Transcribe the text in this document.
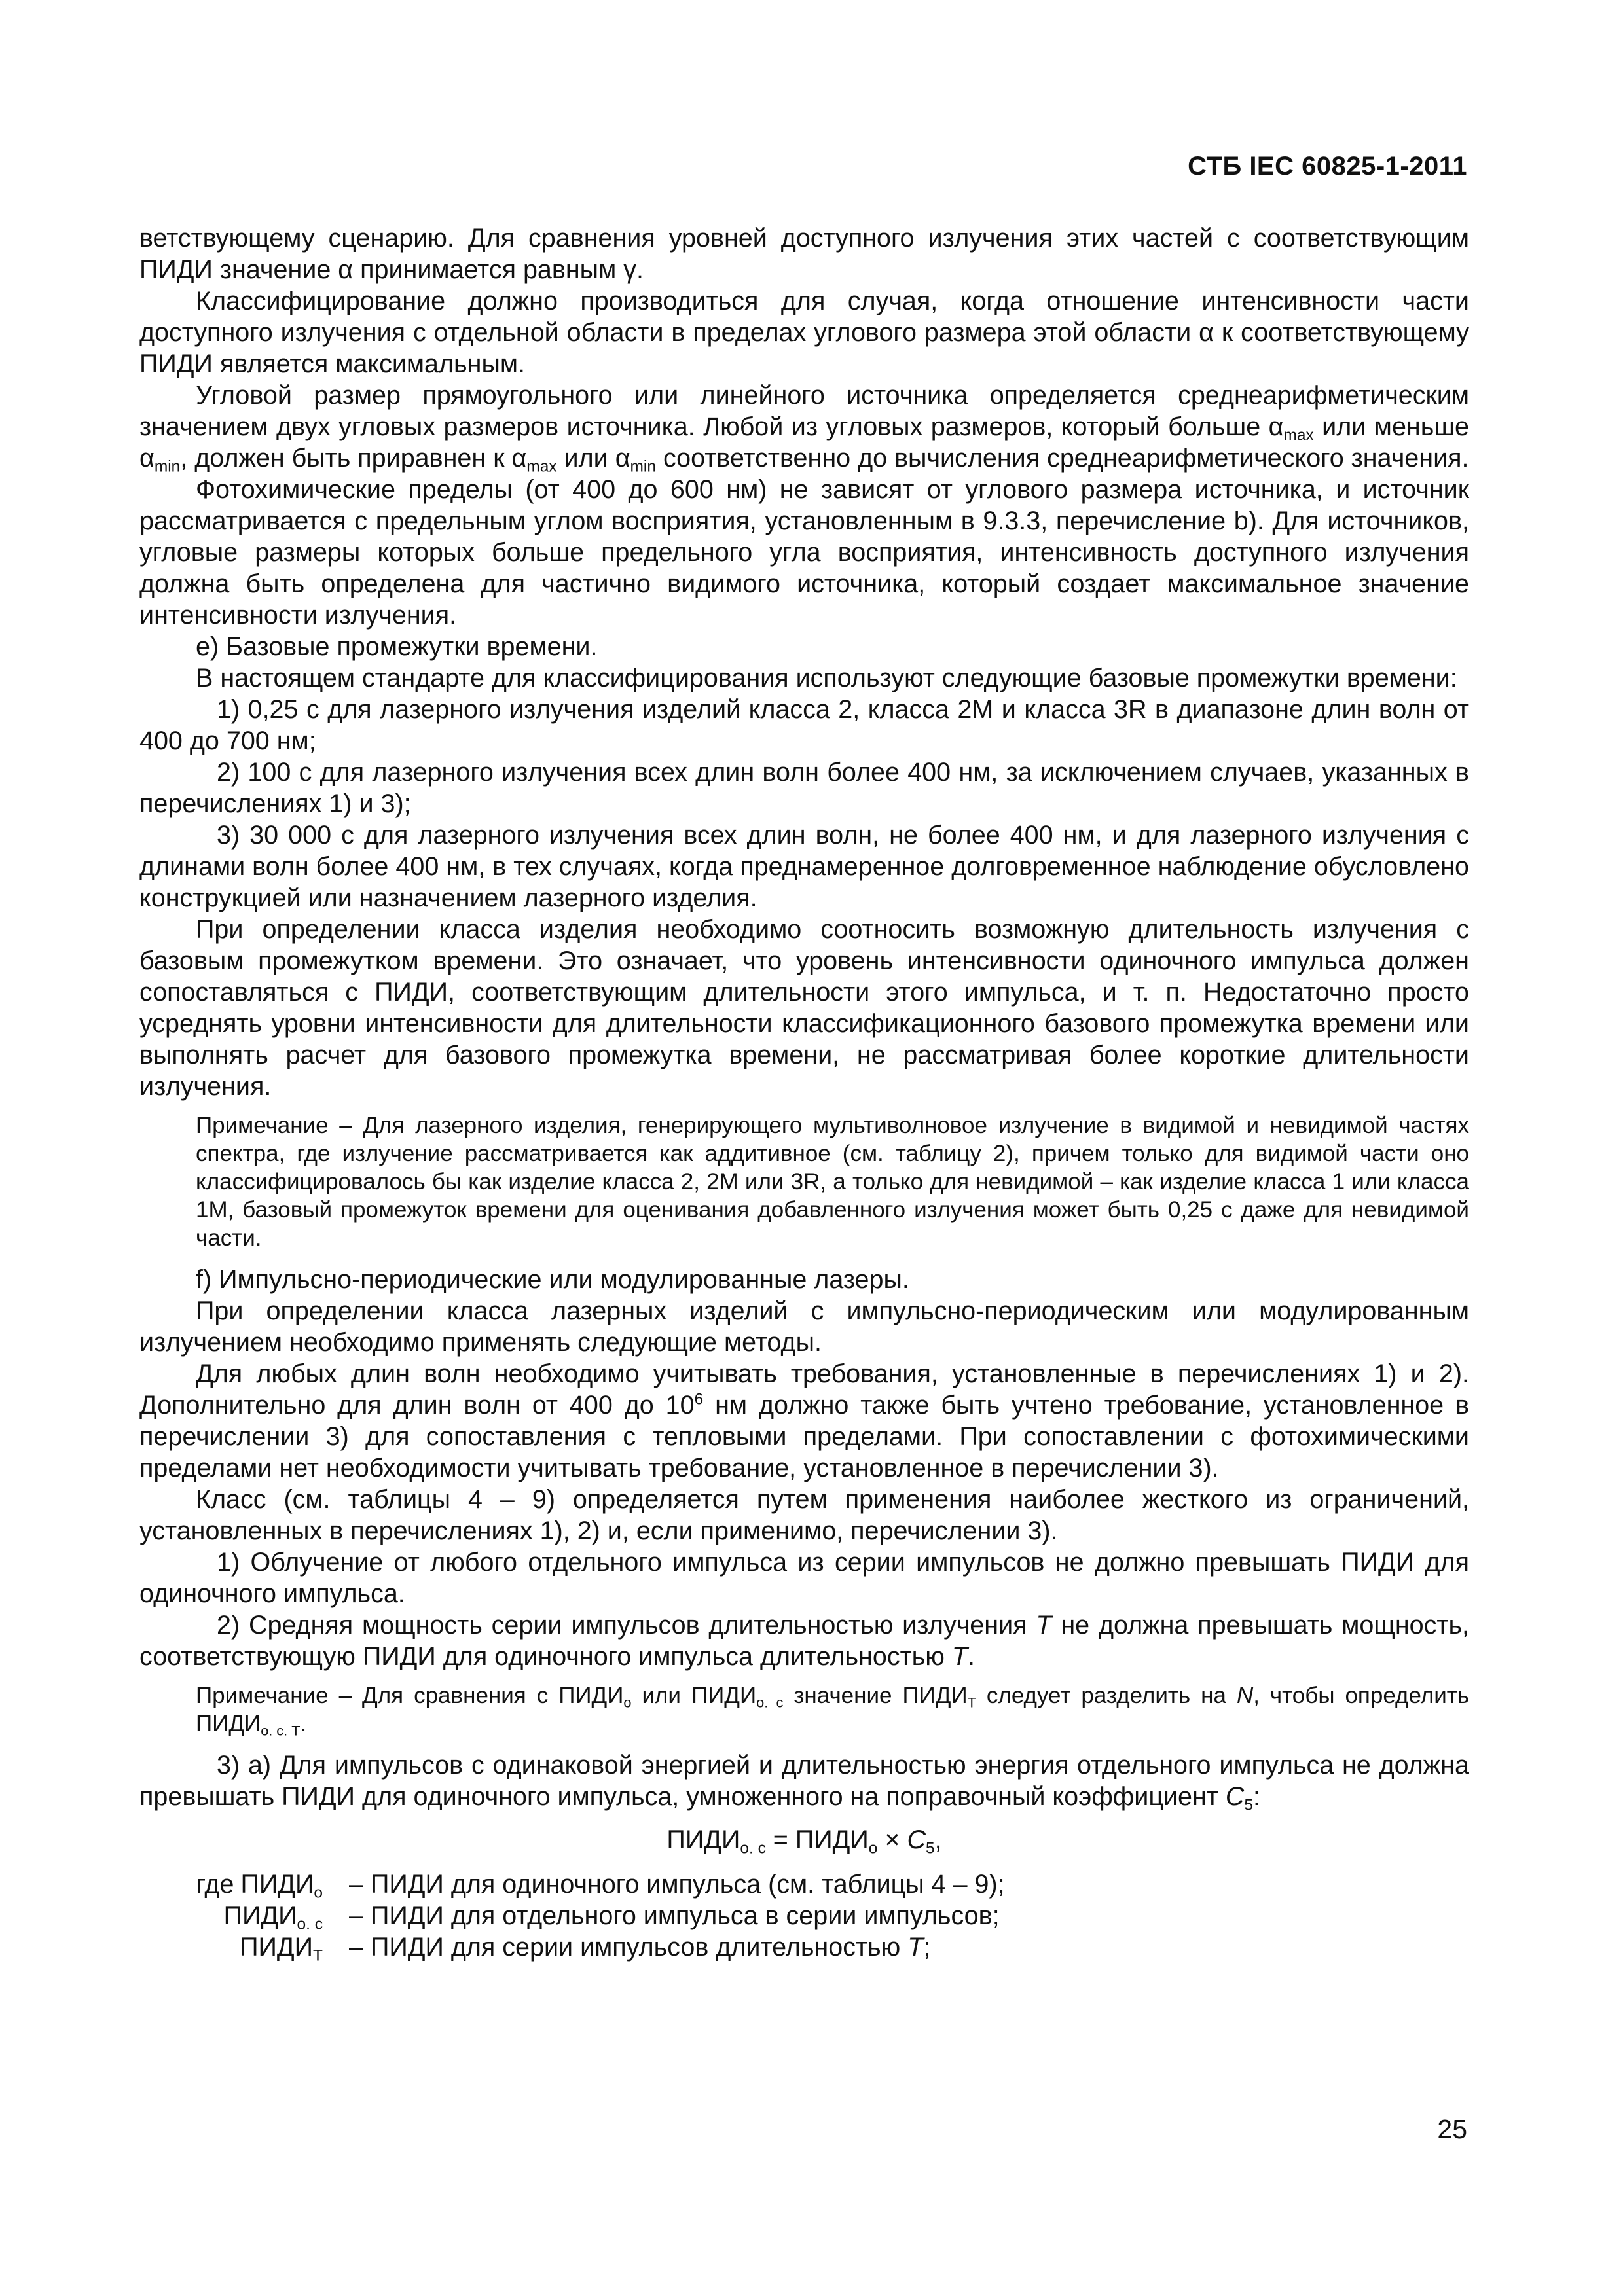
СТБ IEC 60825-1-2011

ветствующему сценарию. Для сравнения уровней доступного излучения этих частей с соответствующим ПИДИ значение α принимается равным γ.

Классифицирование должно производиться для случая, когда отношение интенсивности части доступного излучения с отдельной области в пределах углового размера этой области α к соответствующему ПИДИ является максимальным.

Угловой размер прямоугольного или линейного источника определяется среднеарифметическим значением двух угловых размеров источника. Любой из угловых размеров, который больше $\alpha_{max}$ или меньше $\alpha_{min}$, должен быть приравнен к $\alpha_{max}$ или $\alpha_{min}$ соответственно до вычисления среднеарифметического значения.

Фотохимические пределы (от 400 до 600 нм) не зависят от углового размера источника, и источник рассматривается с предельным углом восприятия, установленным в 9.3.3, перечисление b). Для источников, угловые размеры которых больше предельного угла восприятия, интенсивность доступного излучения должна быть определена для частично видимого источника, который создает максимальное значение интенсивности излучения.

e) Базовые промежутки времени.

В настоящем стандарте для классифицирования используют следующие базовые промежутки времени:

1) 0,25 с для лазерного излучения изделий класса 2, класса 2М и класса 3R в диапазоне длин волн от 400 до 700 нм;

2) 100 с для лазерного излучения всех длин волн более 400 нм, за исключением случаев, указанных в перечислениях 1) и 3);

3) 30 000 с для лазерного излучения всех длин волн, не более 400 нм, и для лазерного излучения с длинами волн более 400 нм, в тех случаях, когда преднамеренное долговременное наблюдение обусловлено конструкцией или назначением лазерного изделия.

При определении класса изделия необходимо соотносить возможную длительность излучения с базовым промежутком времени. Это означает, что уровень интенсивности одиночного импульса должен сопоставляться с ПИДИ, соответствующим длительности этого импульса, и т. п. Недостаточно просто усреднять уровни интенсивности для длительности классификационного базового промежутка времени или выполнять расчет для базового промежутка времени, не рассматривая более короткие длительности излучения.

Примечание – Для лазерного изделия, генерирующего мультиволновое излучение в видимой и невидимой частях спектра, где излучение рассматривается как аддитивное (см. таблицу 2), причем только для видимой части оно классифицировалось бы как изделие класса 2, 2М или 3R, а только для невидимой – как изделие класса 1 или класса 1М, базовый промежуток времени для оценивания добавленного излучения может быть 0,25 с даже для невидимой части.

f) Импульсно-периодические или модулированные лазеры.

При определении класса лазерных изделий с импульсно-периодическим или модулированным излучением необходимо применять следующие методы.

Для любых длин волн необходимо учитывать требования, установленные в перечислениях 1) и 2). Дополнительно для длин волн от 400 до $10^6$ нм должно также быть учтено требование, установленное в перечислении 3) для сопоставления с тепловыми пределами. При сопоставлении с фотохимическими пределами нет необходимости учитывать требование, установленное в перечислении 3).

Класс (см. таблицы 4 – 9) определяется путем применения наиболее жесткого из ограничений, установленных в перечислениях 1), 2) и, если применимо, перечислении 3).

1) Облучение от любого отдельного импульса из серии импульсов не должно превышать ПИДИ для одиночного импульса.

2) Средняя мощность серии импульсов длительностью излучения T не должна превышать мощность, соответствующую ПИДИ для одиночного импульса длительностью T.

Примечание – Для сравнения с $ПИДИ_о$ или $ПИДИ_{о. с}$ значение $ПИДИ_Т$ следует разделить на N, чтобы определить $ПИДИ_{о. с. Т}$.

3) a) Для импульсов с одинаковой энергией и длительностью энергия отдельного импульса не должна превышать ПИДИ для одиночного импульса, умноженного на поправочный коэффициент $C_5$:

$ПИДИ_{о. с}$ = $ПИДИ_о \times C_5$,
где $ПИДИ_о$	– ПИДИ для одиночного импульса (см. таблицы 4 – 9);
$ПИДИ_{о. с}$	– ПИДИ для отдельного импульса в серии импульсов;
$ПИДИ_Т$	– ПИДИ для серии импульсов длительностью T;
25
